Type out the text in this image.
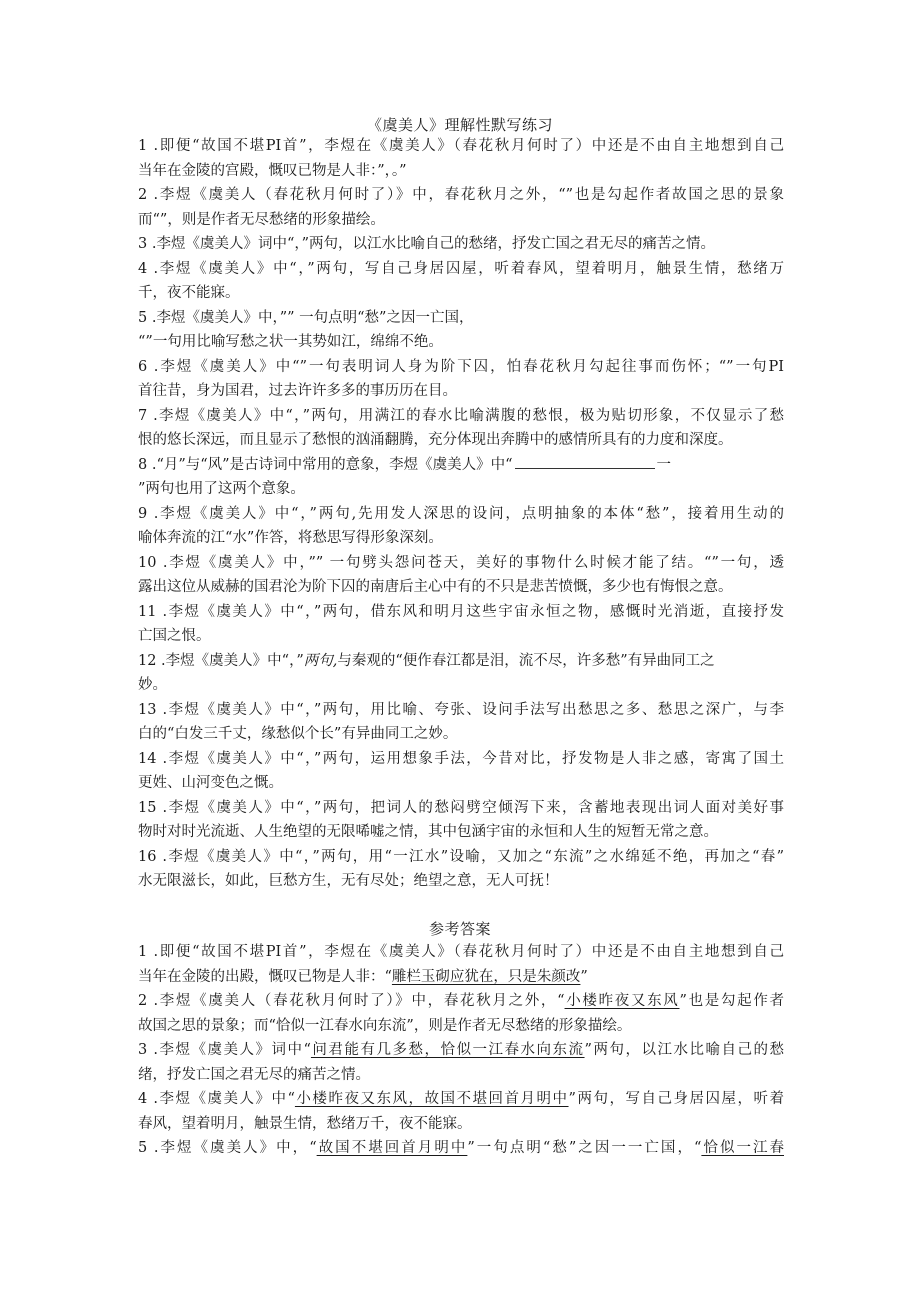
《虞美人》理解性默写练习
1 .即便“故国不堪PI首”，李煜在《虞美人》（春花秋月何时了）中还是不由自主地想到自己
当年在金陵的宫殿，慨叹已物是人非：”，。”
2 .李煜《虞美人（春花秋月何时了）》中，春花秋月之外，“”也是勾起作者故国之思的景象
而“”，则是作者无尽愁绪的形象描绘。
3 .李煜《虞美人》词中“，”两句，以江水比喻自己的愁绪，抒发亡国之君无尽的痛苦之情。
4 .李煜《虞美人》中“，”两句，写自己身居囚屋，听着春风，望着明月，触景生情，愁绪万
千，夜不能寐。
5 .李煜《虞美人》中，”” 一句点明“愁”之因一亡国，
“”一句用比喻写愁之状一其势如江，绵绵不绝。
6 .李煜《虞美人》中“”一句表明词人身为阶下囚，怕春花秋月勾起往事而伤怀；“”一句PI
首往昔，身为国君，过去许许多多的事历历在目。
7 .李煜《虞美人》中“，”两句，用满江的春水比喻满腹的愁恨，极为贴切形象，不仅显示了愁
恨的悠长深远，而且显示了愁恨的汹涌翻腾，充分体现出奔腾中的感情所具有的力度和深度。
8 .“月”与“风”是古诗词中常用的意象，李煜《虞美人》中“	一
”两句也用了这两个意象。
9 .李煜《虞美人》中“，”两句,先用发人深思的设问，点明抽象的本体“愁”，接着用生动的
喻体奔流的江“水”作答，将愁思写得形象深刻。
10 .李煜《虞美人》中，”” 一句劈头怨问苍天，美好的事物什么时候才能了结。“”一句，透
露出这位从威赫的国君沦为阶下囚的南唐后主心中有的不只是悲苦愤慨，多少也有悔恨之意。
11 .李煜《虞美人》中“，”两句，借东风和明月这些宇宙永恒之物，感慨时光消逝，直接抒发
亡国之恨。
12 .李煜《虞美人》中“，”两句,与秦观的“便作春江都是泪，流不尽，许多愁”有异曲同工之
妙。
13 .李煜《虞美人》中“，”两句，用比喻、夸张、设问手法写出愁思之多、愁思之深广，与李
白的“白发三千丈，缘愁似个长”有异曲同工之妙。
14 .李煜《虞美人》中“，”两句，运用想象手法，今昔对比，抒发物是人非之感，寄寓了国土
更姓、山河变色之慨。
15 .李煜《虞美人》中“，”两句，把词人的愁闷劈空倾泻下来，含蓄地表现出词人面对美好事
物时对时光流逝、人生绝望的无限唏嘘之情，其中包涵宇宙的永恒和人生的短暂无常之意。
16 .李煜《虞美人》中“，”两句，用“一江水”设喻，又加之“东流”之水绵延不绝，再加之“春”
水无限滋长，如此，巨愁方生，无有尽处；绝望之意，无人可抚！
参考答案
1 .即便“故国不堪PI首”，李煜在《虞美人》（春花秋月何时了）中还是不由自主地想到自己
当年在金陵的出殿，慨叹已物是人非：“雕栏玉砌应犹在，只是朱颜改”
2 .李煜《虞美人（春花秋月何时了）》中，春花秋月之外，“小楼昨夜又东风”也是勾起作者
故国之思的景象；而“恰似一江春水向东流”，则是作者无尽愁绪的形象描绘。
3 .李煜《虞美人》词中“问君能有几多愁，恰似一江春水向东流”两句，以江水比喻自己的愁
绪，抒发亡国之君无尽的痛苦之情。
4 .李煜《虞美人》中“小楼昨夜又东风，故国不堪回首月明中”两句，写自己身居囚屋，听着
春风，望着明月，触景生情，愁绪万千，夜不能寐。
5 .李煜《虞美人》中，“故国不堪回首月明中”一句点明“愁”之因一一亡国，“恰似一江春
